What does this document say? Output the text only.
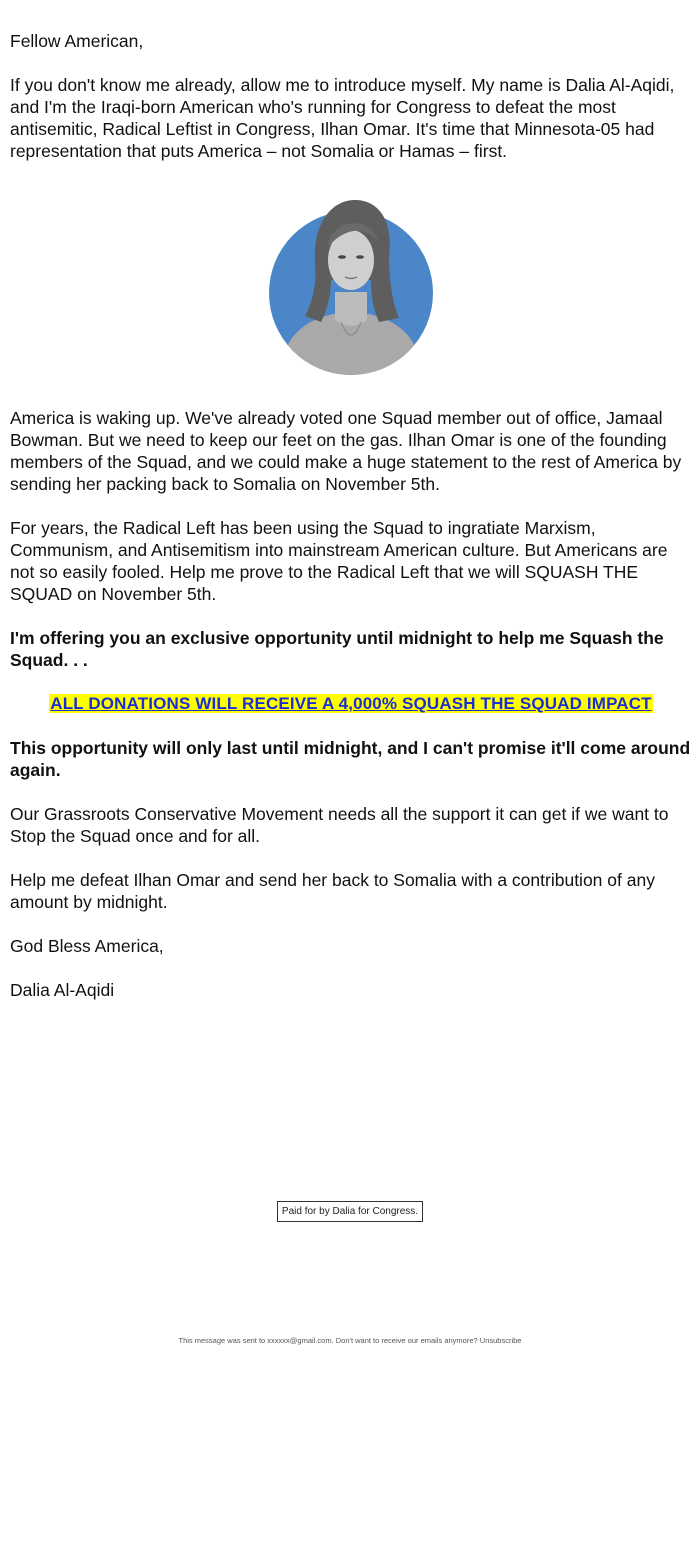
Fellow American,

If you don't know me already, allow me to introduce myself. My name is Dalia Al-Aqidi, and I'm the Iraqi-born American who's running for Congress to defeat the most antisemitic, Radical Leftist in Congress, Ilhan Omar. It's time that Minnesota-05 had representation that puts America – not Somalia or Hamas – first.

America is waking up. We've already voted one Squad member out of office, Jamaal Bowman. But we need to keep our feet on the gas. Ilhan Omar is one of the founding members of the Squad, and we could make a huge statement to the rest of America by sending her packing back to Somalia on November 5th.

For years, the Radical Left has been using the Squad to ingratiate Marxism, Communism, and Antisemitism into mainstream American culture. But Americans are not so easily fooled. Help me prove to the Radical Left that we will SQUASH THE SQUAD on November 5th.

I'm offering you an exclusive opportunity until midnight to help me Squash the Squad. . .

ALL DONATIONS WILL RECEIVE A 4,000% SQUASH THE SQUAD IMPACT

This opportunity will only last until midnight, and I can't promise it'll come around again.

Our Grassroots Conservative Movement needs all the support it can get if we want to Stop the Squad once and for all.

Help me defeat Ilhan Omar and send her back to Somalia with a contribution of any amount by midnight.

God Bless America,

Dalia Al-Aqidi

Paid for by Dalia for Congress.
This message was sent to xxxxxx@gmail.com. Don't want to receive our emails anymore? Unsubscribe
